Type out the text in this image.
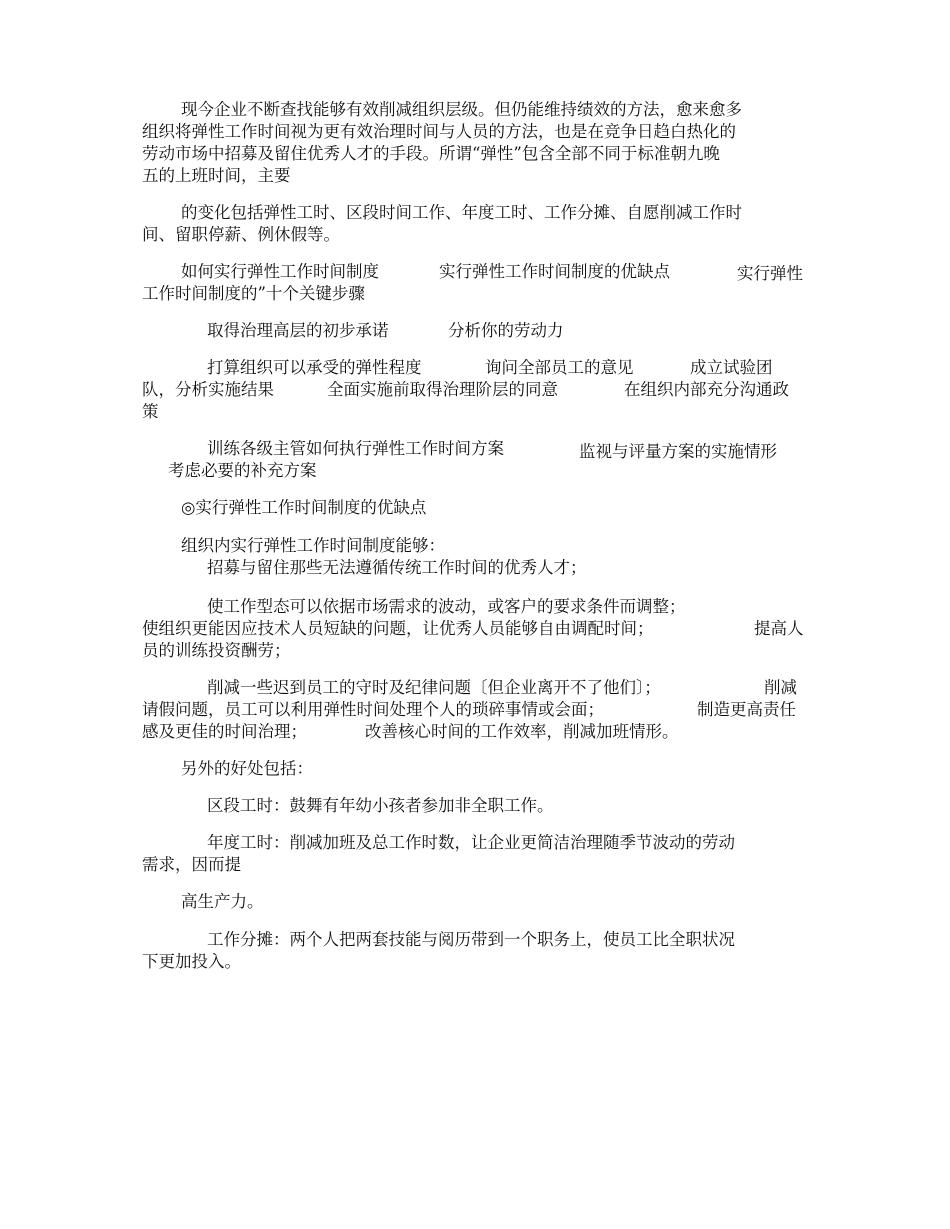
现今企业不断查找能够有效削减组织层级。但仍能维持绩效的方法，愈来愈多
组织将弹性工作时间视为更有效治理时间与人员的方法，也是在竞争日趋白热化的
劳动市场中招募及留住优秀人才的手段。所谓“弹性”包含全部不同于标准朝九晚
五的上班时间，主要
的变化包括弹性工时、区段时间工作、年度工时、工作分摊、自愿削减工作时
间、留职停薪、例休假等。
如何实行弹性工作时间制度	实行弹性工作时间制度的优缺点	实行弹性
工作时间制度的”十个关键步骤
取得治理高层的初步承诺	分析你的劳动力
打算组织可以承受的弹性程度	询问全部员工的意见	成立试验团
队，分析实施结果	全面实施前取得治理阶层的同意	在组织内部充分沟通政
策
训练各级主管如何执行弹性工作时间方案	监视与评量方案的实施情形
考虑必要的补充方案
◎实行弹性工作时间制度的优缺点
组织内实行弹性工作时间制度能够：
招募与留住那些无法遵循传统工作时间的优秀人才；
使工作型态可以依据市场需求的波动，或客户的要求条件而调整；
使组织更能因应技术人员短缺的问题，让优秀人员能够自由调配时间；	提高人
员的训练投资酬劳；
削减一些迟到员工的守时及纪律问题〔但企业离开不了他们〕；	削减
请假问题，员工可以利用弹性时间处理个人的琐碎事情或会面；	制造更高责任
感及更佳的时间治理；	改善核心时间的工作效率，削减加班情形。
另外的好处包括：
区段工时：鼓舞有年幼小孩者参加非全职工作。
年度工时：削减加班及总工作时数，让企业更简洁治理随季节波动的劳动
需求，因而提
高生产力。
工作分摊：两个人把两套技能与阅历带到一个职务上，使员工比全职状况
下更加投入。
